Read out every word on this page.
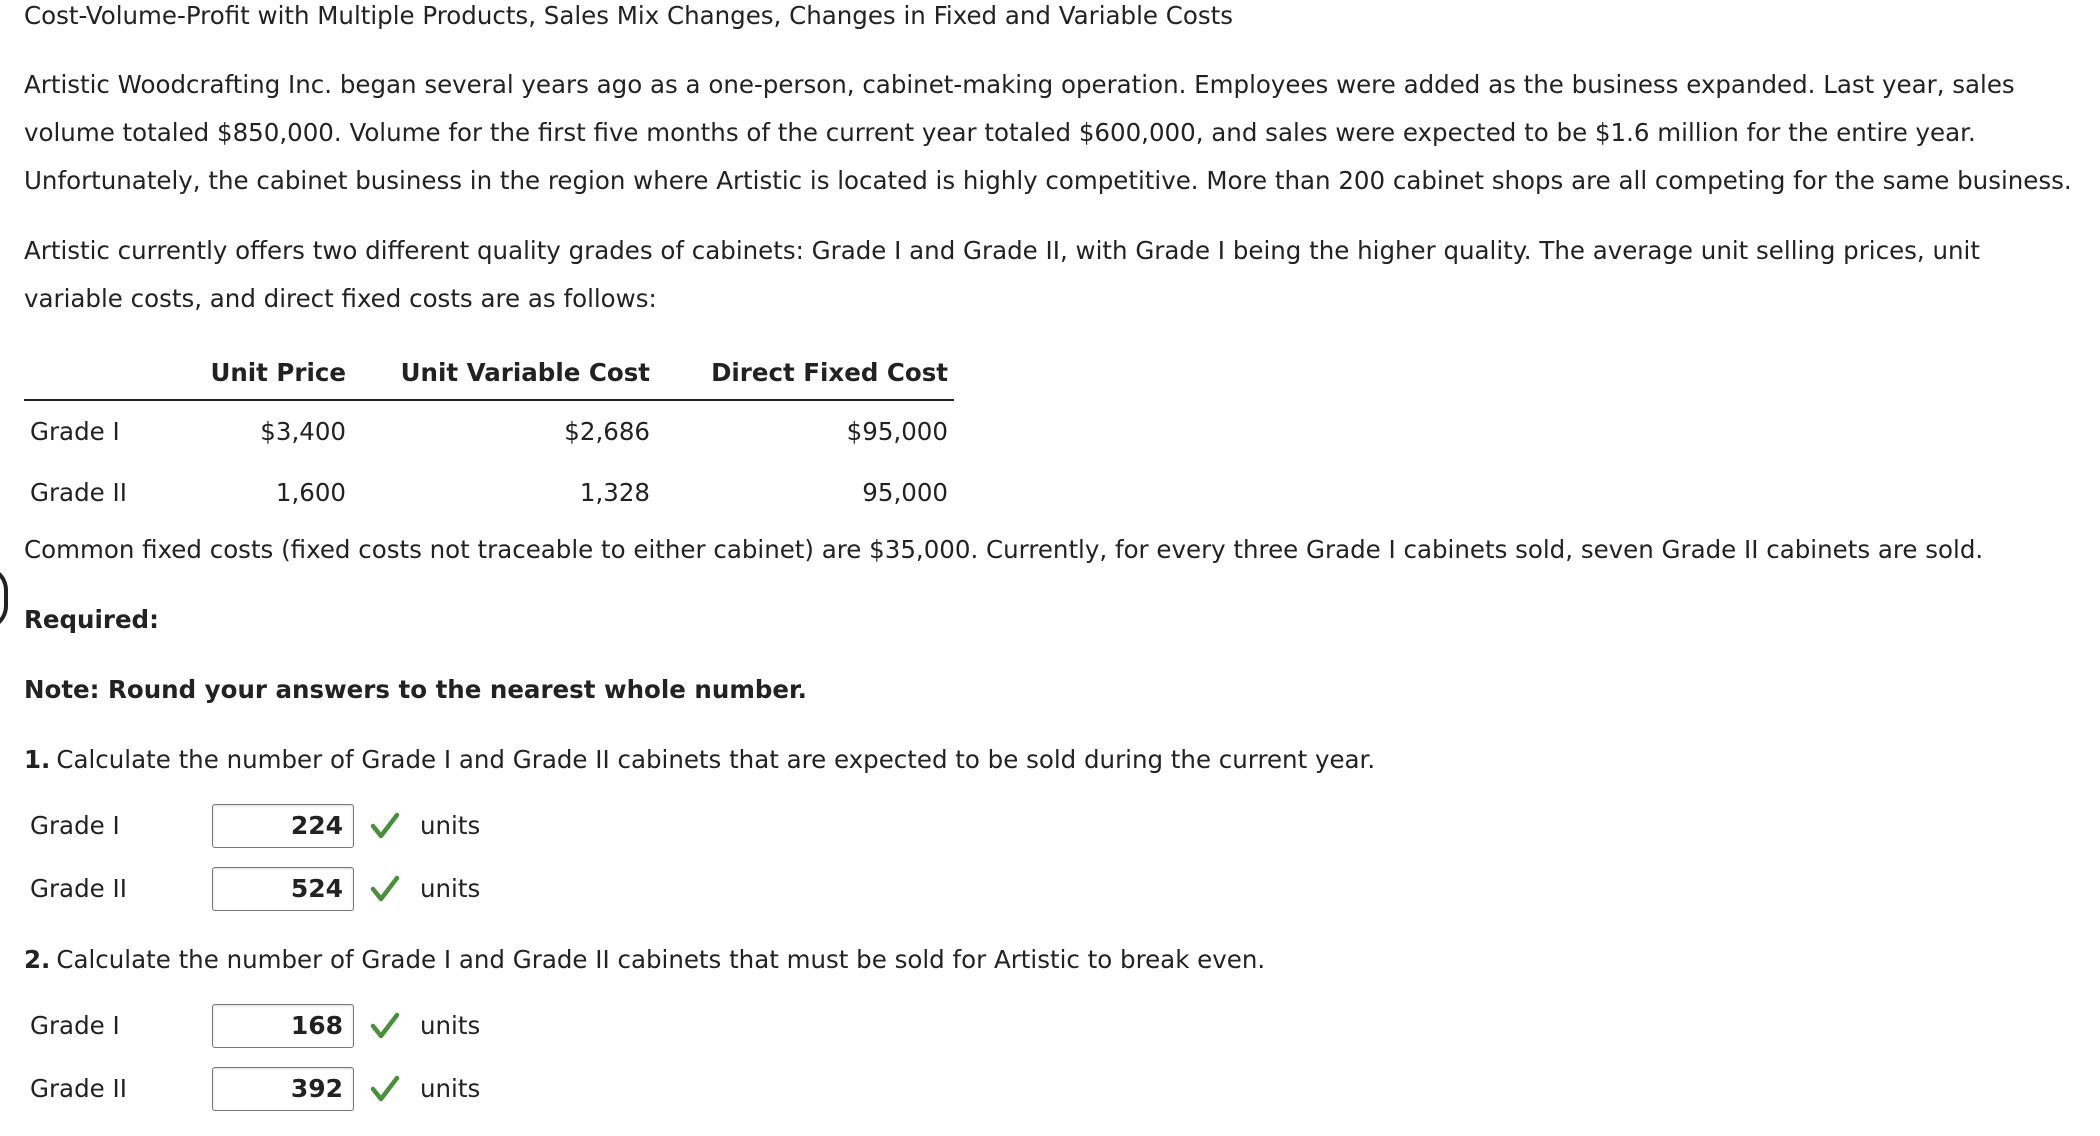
Cost-Volume-Profit with Multiple Products, Sales Mix Changes, Changes in Fixed and Variable Costs

Artistic Woodcrafting Inc. began several years ago as a one-person, cabinet-making operation. Employees were added as the business expanded. Last year, sales volume totaled $850,000. Volume for the first five months of the current year totaled $600,000, and sales were expected to be $1.6 million for the entire year. Unfortunately, the cabinet business in the region where Artistic is located is highly competitive. More than 200 cabinet shops are all competing for the same business.

Artistic currently offers two different quality grades of cabinets: Grade I and Grade II, with Grade I being the higher quality. The average unit selling prices, unit variable costs, and direct fixed costs are as follows:

	Unit Price	Unit Variable Cost	Direct Fixed Cost
Grade I	$3,400	$2,686	$95,000
Grade II	1,600	1,328	95,000

Common fixed costs (fixed costs not traceable to either cabinet) are $35,000. Currently, for every three Grade I cabinets sold, seven Grade II cabinets are sold.

Required:
Note: Round your answers to the nearest whole number.
1. Calculate the number of Grade I and Grade II cabinets that are expected to be sold during the current year.
Grade I	224	units
Grade II	524	units
2. Calculate the number of Grade I and Grade II cabinets that must be sold for Artistic to break even.
Grade I	168	units
Grade II	392	units
